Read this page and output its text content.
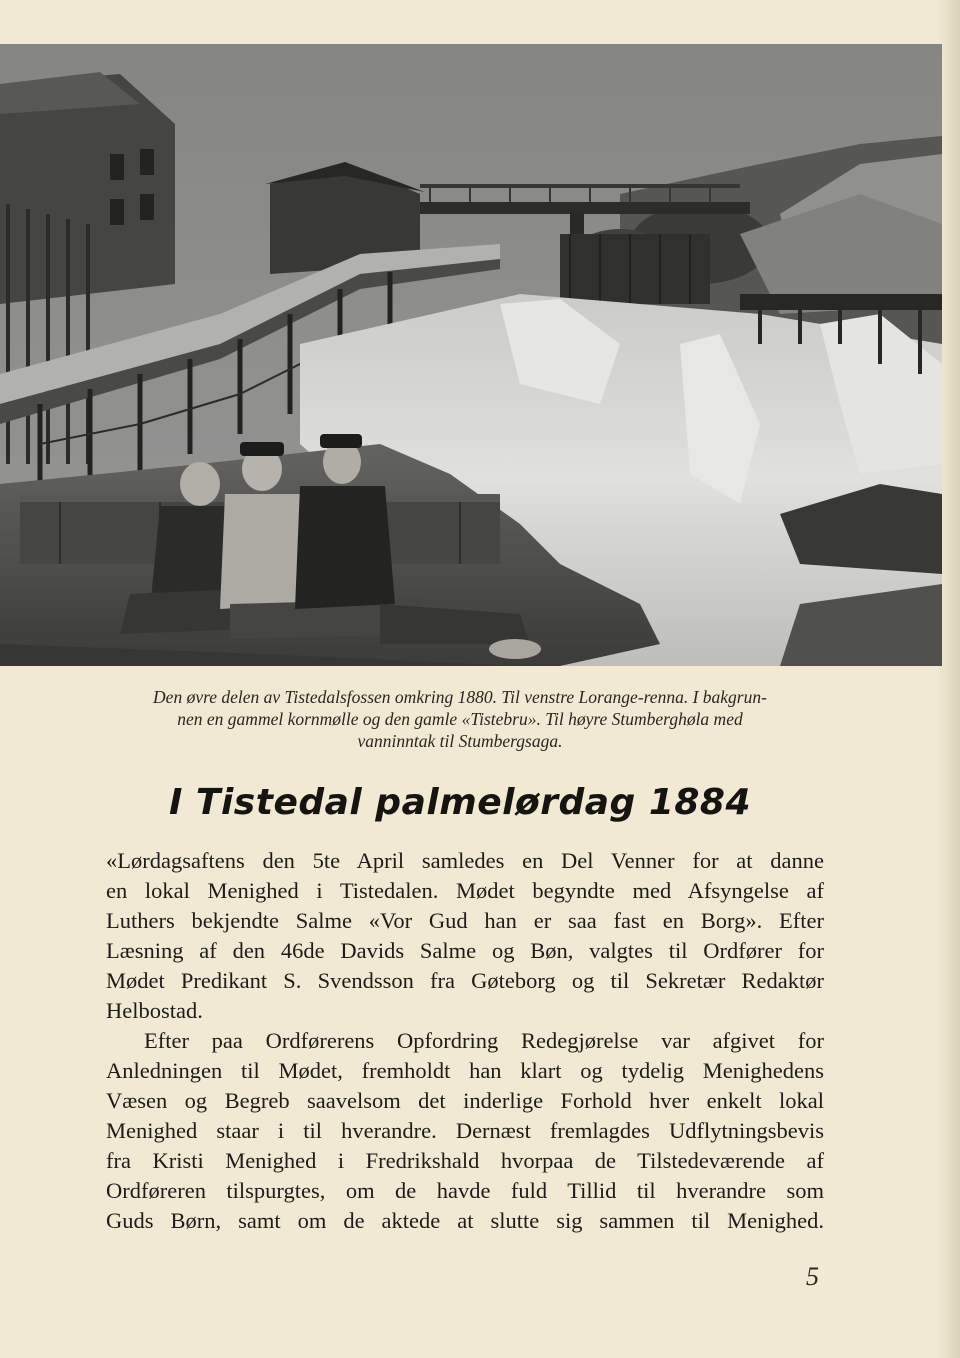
Den øvre delen av Tistedalsfossen omkring 1880. Til venstre Lorange-renna. I bakgrun-
nen en gammel kornmølle og den gamle «Tistebru». Til høyre Stumberghøla med
vanninntak til Stumbergsaga.
I Tistedal palmelørdag 1884
«Lørdagsaftens den 5te April samledes en Del Venner for at danne
en lokal Menighed i Tistedalen. Mødet begyndte med Afsyngelse af
Luthers bekjendte Salme «Vor Gud han er saa fast en Borg». Efter
Læsning af den 46de Davids Salme og Bøn, valgtes til Ordfører for
Mødet Predikant S. Svendsson fra Gøteborg og til Sekretær Redaktør
Helbostad.
Efter paa Ordførerens Opfordring Redegjørelse var afgivet for
Anledningen til Mødet, fremholdt han klart og tydelig Menighedens
Væsen og Begreb saavelsom det inderlige Forhold hver enkelt lokal
Menighed staar i til hverandre. Dernæst fremlagdes Udflytningsbevis
fra Kristi Menighed i Fredrikshald hvorpaa de Tilstedeværende af
Ordføreren tilspurgtes, om de havde fuld Tillid til hverandre som
Guds Børn, samt om de aktede at slutte sig sammen til Menighed.
5
